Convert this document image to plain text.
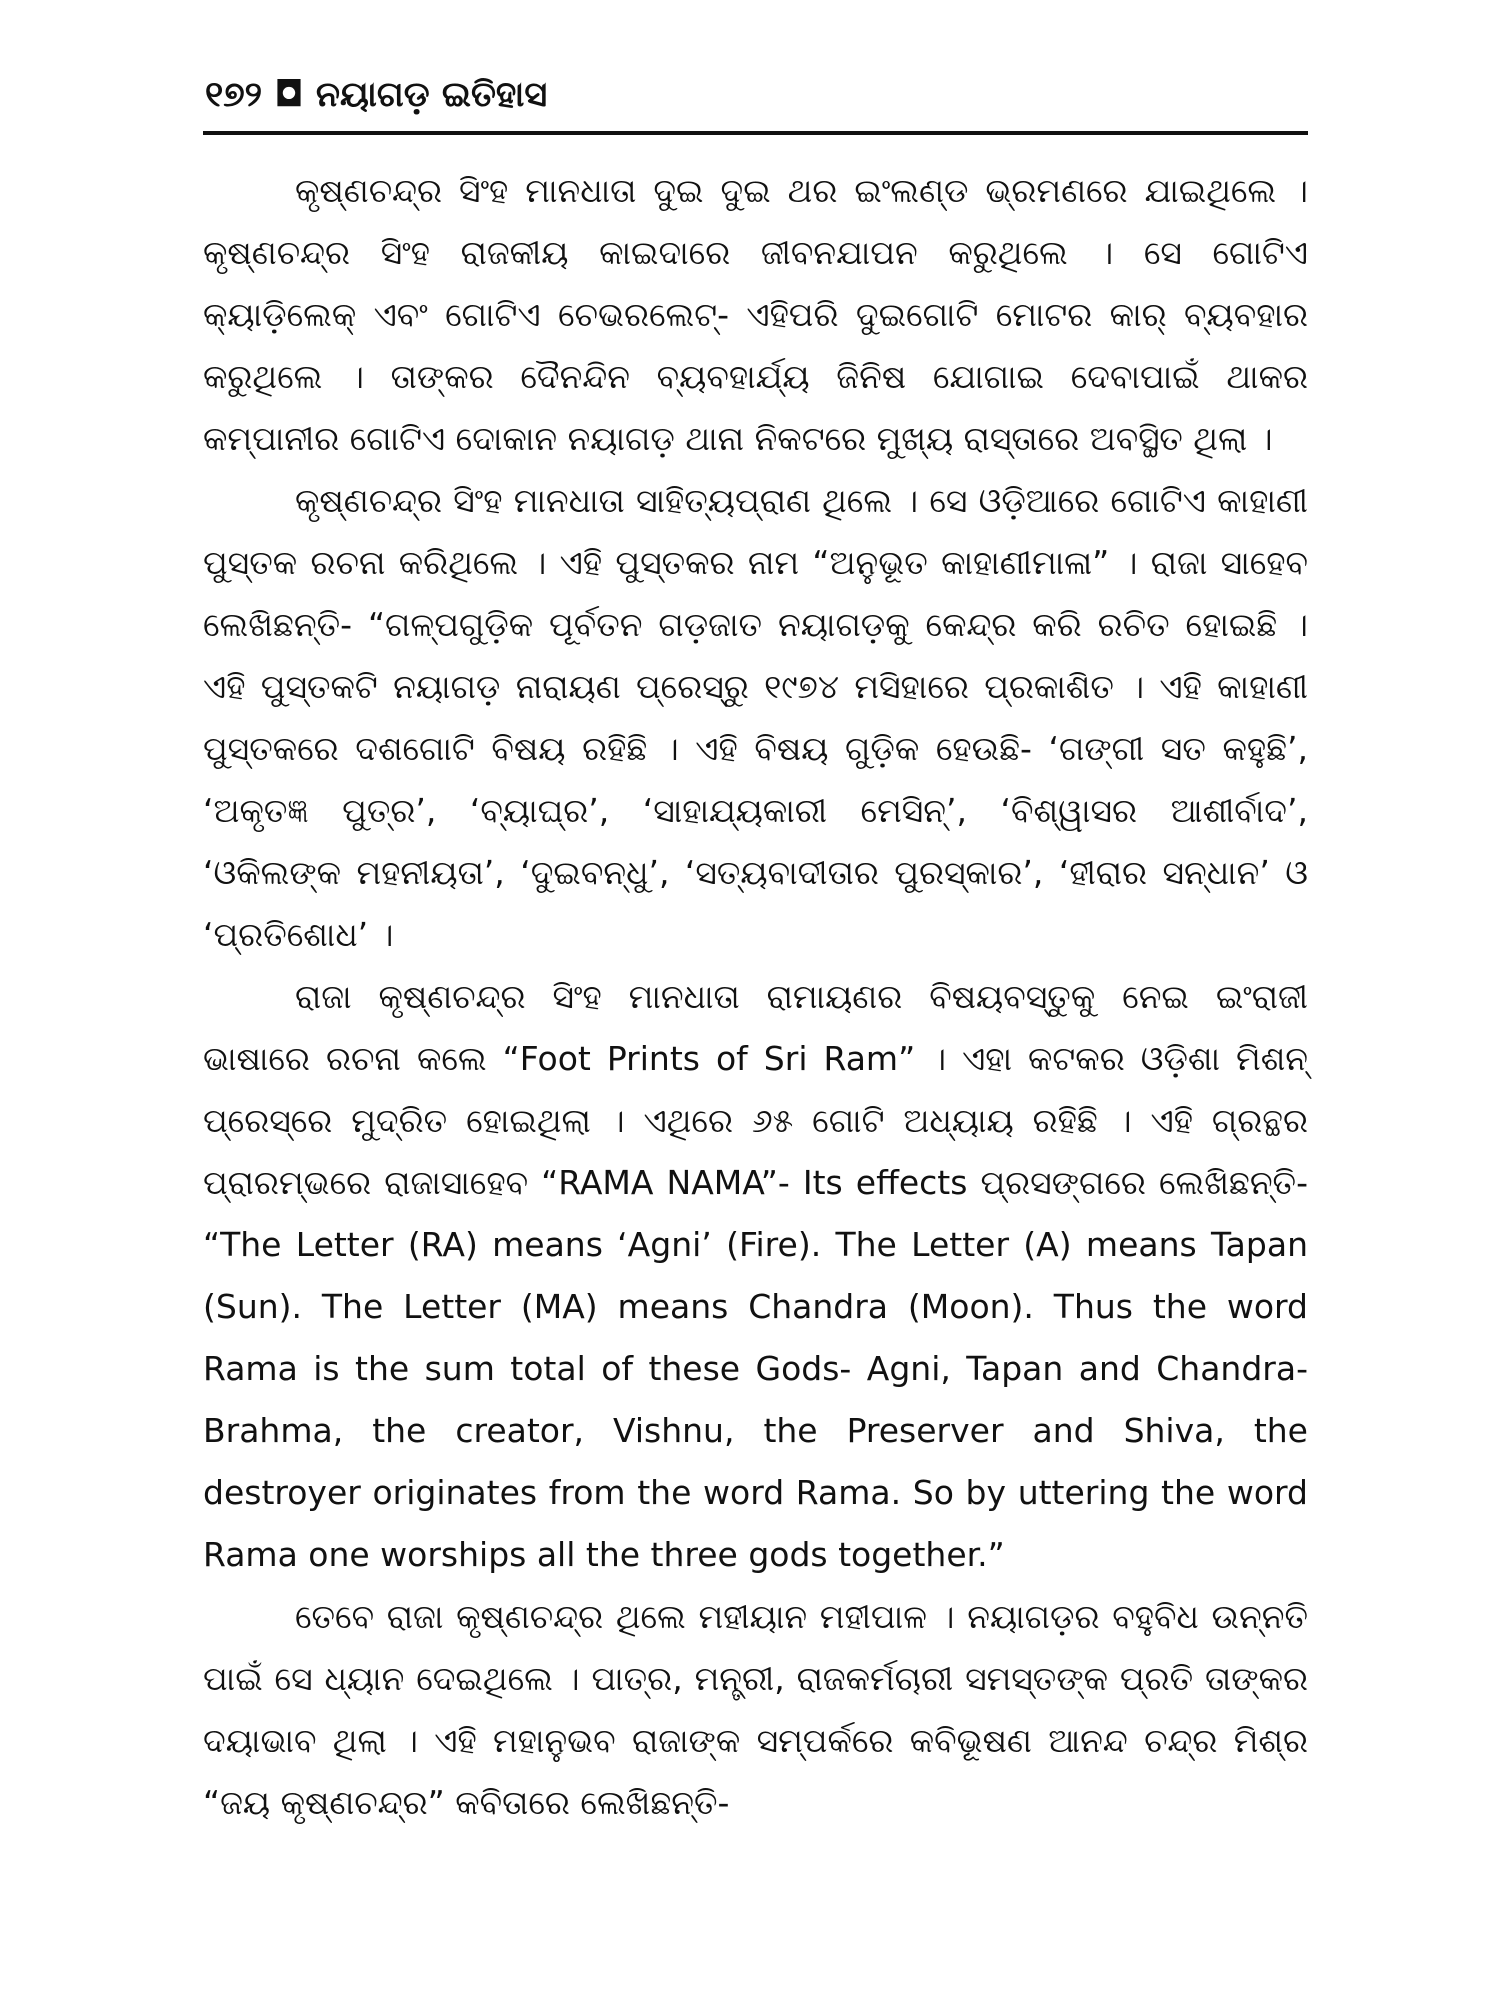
୧୭୨ ◘ ନୟାଗଡ଼ ଇତିହାସ

କୃଷ୍ଣଚନ୍ଦ୍ର ସିଂହ ମାନଧାତା ଦୁଇ ଦୁଇ ଥର ଇଂଲଣ୍ଡ ଭ୍ରମଣରେ ଯାଇଥିଲେ । କୃଷ୍ଣଚନ୍ଦ୍ର ସିଂହ ରାଜକୀୟ କାଇଦାରେ ଜୀବନଯାପନ କରୁଥିଲେ । ସେ ଗୋଟିଏ କ୍ୟାଡ଼ିଲେକ୍ ଏବଂ ଗୋଟିଏ ଚେଭରଲେଟ୍- ଏହିପରି ଦୁଇଗୋଟି ମୋଟର କାର୍ ବ୍ୟବହାର କରୁଥିଲେ । ତାଙ୍କର ଦୈନନ୍ଦିନ ବ୍ୟବହାର୍ଯ୍ୟ ଜିନିଷ ଯୋଗାଇ ଦେବାପାଇଁ ଥାକର କମ୍ପାନୀର ଗୋଟିଏ ଦୋକାନ ନୟାଗଡ଼ ଥାନା ନିକଟରେ ମୁଖ୍ୟ ରାସ୍ତାରେ ଅବସ୍ଥିତ ଥିଲା ।

କୃଷ୍ଣଚନ୍ଦ୍ର ସିଂହ ମାନଧାତା ସାହିତ୍ୟପ୍ରାଣ ଥିଲେ । ସେ ଓଡ଼ିଆରେ ଗୋଟିଏ କାହାଣୀ ପୁସ୍ତକ ରଚନା କରିଥିଲେ । ଏହି ପୁସ୍ତକର ନାମ “ଅନୁଭୂତ କାହାଣୀମାଳା” । ରାଜା ସାହେବ ଲେଖିଛନ୍ତି- “ଗଳ୍ପଗୁଡ଼ିକ ପୂର୍ବତନ ଗଡ଼ଜାତ ନୟାଗଡ଼କୁ କେନ୍ଦ୍ର କରି ରଚିତ ହୋଇଛି । ଏହି ପୁସ୍ତକଟି ନୟାଗଡ଼ ନାରାୟଣ ପ୍ରେସ୍‌ରୁ ୧୯୭୪ ମସିହାରେ ପ୍ରକାଶିତ । ଏହି କାହାଣୀ ପୁସ୍ତକରେ ଦଶଗୋଟି ବିଷୟ ରହିଛି । ଏହି ବିଷୟ ଗୁଡ଼ିକ ହେଉଛି- ‘ଗଙ୍ଗୀ ସତ କହୁଛି’, ‘ଅକୃତଜ୍ଞ ପୁତ୍ର’, ‘ବ୍ୟାଘ୍ର’, ‘ସାହାଯ୍ୟକାରୀ ମେସିନ୍’, ‘ବିଶ୍ୱାସର ଆଶୀର୍ବାଦ’, ‘ଓକିଲଙ୍କ ମହନୀୟତା’, ‘ଦୁଇବନ୍ଧୁ’, ‘ସତ୍ୟବାଦୀତାର ପୁରସ୍କାର’, ‘ହୀରାର ସନ୍ଧାନ’ ଓ ‘ପ୍ରତିଶୋଧ’ ।

ରାଜା କୃଷ୍ଣଚନ୍ଦ୍ର ସିଂହ ମାନଧାତା ରାମାୟଣର ବିଷୟବସ୍ତୁକୁ ନେଇ ଇଂରାଜୀ ଭାଷାରେ ରଚନା କଲେ “Foot Prints of Sri Ram” । ଏହା କଟକର ଓଡ଼ିଶା ମିଶନ୍ ପ୍ରେସ୍‌ରେ ମୁଦ୍ରିତ ହୋଇଥିଲା । ଏଥିରେ ୬୫ ଗୋଟି ଅଧ୍ୟାୟ ରହିଛି । ଏହି ଗ୍ରନ୍ଥର ପ୍ରାରମ୍ଭରେ ରାଜାସାହେବ “RAMA NAMA”- Its effects ପ୍ରସଙ୍ଗରେ ଲେଖିଛନ୍ତି- “The Letter (RA) means ‘Agni’ (Fire). The Letter (A) means Tapan (Sun). The Letter (MA) means Chandra (Moon). Thus the word Rama is the sum total of these Gods- Agni, Tapan and Chandra- Brahma, the creator, Vishnu, the Preserver and Shiva, the destroyer originates from the word Rama. So by uttering the word Rama one worships all the three gods together.”

ତେବେ ରାଜା କୃଷ୍ଣଚନ୍ଦ୍ର ଥିଲେ ମହୀୟାନ ମହୀପାଳ । ନୟାଗଡ଼ର ବହୁବିଧ ଉନ୍ନତି ପାଇଁ ସେ ଧ୍ୟାନ ଦେଇଥିଲେ । ପାତ୍ର, ମନ୍ତ୍ରୀ, ରାଜକର୍ମଚାରୀ ସମସ୍ତଙ୍କ ପ୍ରତି ତାଙ୍କର ଦୟାଭାବ ଥିଲା । ଏହି ମହାନୁଭବ ରାଜାଙ୍କ ସମ୍ପର୍କରେ କବିଭୂଷଣ ଆନନ୍ଦ ଚନ୍ଦ୍ର ମିଶ୍ର “ଜୟ କୃଷ୍ଣଚନ୍ଦ୍ର” କବିତାରେ ଲେଖିଛନ୍ତି-
